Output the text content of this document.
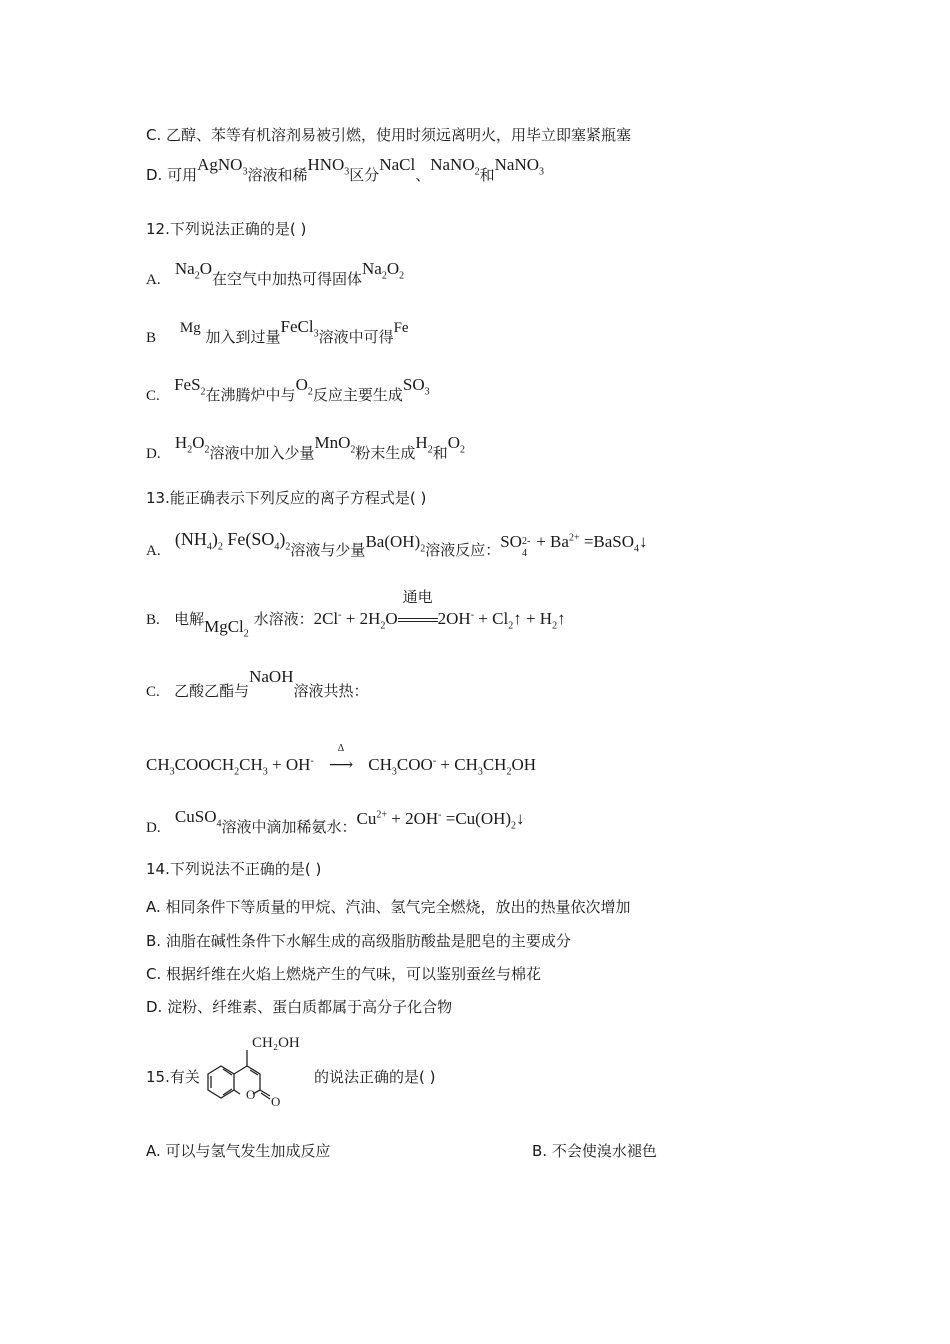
C. 乙醇、苯等有机溶剂易被引燃，使用时须远离明火，用毕立即塞紧瓶塞
D. 可用AgNO$_3$溶液和稀$HNO_3$区分NaCl、NaNO$_2$和NaNO$_3$
12.下列说法正确的是( )
A.   $Na_2O$在空气中加热可得固体$Na_2O_2$
B     Mg 加入到过量FeCl$_3$溶液中可得Fe
C.   FeS$_2$在沸腾炉中与$O_2$反应主要生成$SO_3$
D.   $H_2O_2$溶液中加入少量MnO$_2$粉末生成$H_2$和$O_2$
13.能正确表示下列反应的离子方程式是( )
A.   $(NH_4)_2$ $Fe(SO_4)_2$溶液与少量$Ba(OH)_2$溶液反应：SO 2-
4
+ $Ba^{2+}$ =BaSO$_4$↓
B. 电解MgCl$_2$ 水溶液：$2Cl^- + 2H_2O$
通电
$2OH^- + Cl_2↑$ + $H_2↑$
C. 乙酸乙酯与NaOH溶液共热：
$CH_3COOCH_2CH_3 + OH^-$
Δ
⟶ $CH_3COO^- + CH_3CH_2OH$
D.   CuSO$_4$溶液中滴加稀氨水：$Cu^{2+} + 2OH^-$ $=Cu(OH)_2↓$
14.下列说法不正确的是( )
A. 相同条件下等质量的甲烷、汽油、氢气完全燃烧，放出的热量依次增加
B. 油脂在碱性条件下水解生成的高级脂肪酸盐是肥皂的主要成分
C. 根据纤维在火焰上燃烧产生的气味，可以鉴别蚕丝与棉花
D. 淀粉、纤维素、蛋白质都属于高分子化合物
15.有关
O O
CH₂OH
的说法正确的是( )
A. 可以与氢气发生加成反应	B. 不会使溴水褪色
